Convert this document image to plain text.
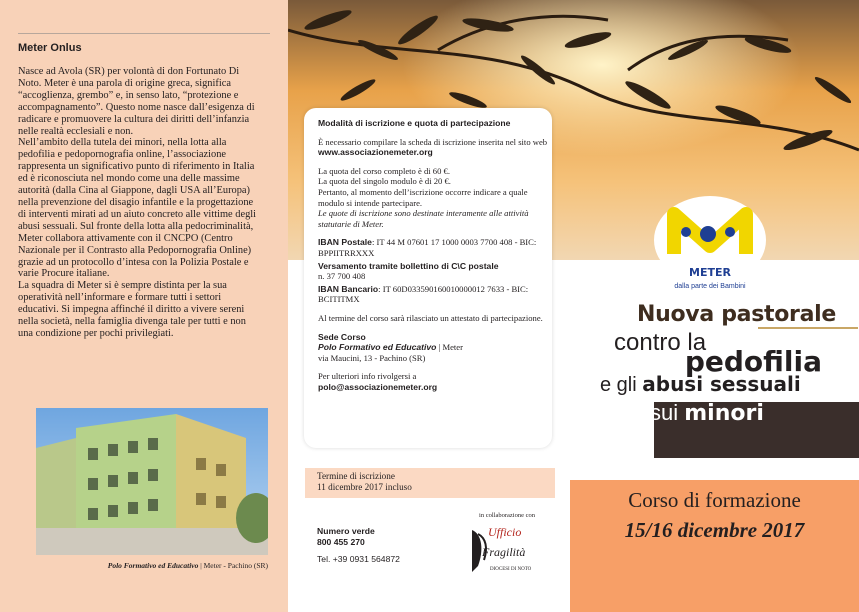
Meter Onlus

Nasce ad Avola (SR) per volontà di don Fortunato Di Noto. Meter è una parola di origine greca, significa “accoglienza, grembo” e, in senso lato, “protezione e accompagnamento”. Questo nome nasce dall’esigenza di radicare e promuovere la cultura dei diritti dell’infanzia nelle realtà ecclesiali e non.

Nell’ambito della tutela dei minori, nella lotta alla pedofilia e pedopornografia online, l’associazione rappresenta un significativo punto di riferimento in Italia ed è riconosciuta nel mondo come una delle massime autorità (dalla Cina al Giappone, dagli USA all’Europa) nella prevenzione del disagio infantile e la progettazione di interventi mirati ad un aiuto concreto alle vittime degli abusi sessuali. Sul fronte della lotta alla pedocriminalità, Meter collabora attivamente con il CNCPO (Centro Nazionale per il Contrasto alla Pedopornografia Online) grazie ad un protocollo d’intesa con la Polizia Postale e varie Procure italiane.

La squadra di Meter si è sempre distinta per la sua operatività nell’informare e formare tutti i settori educativi. Si impegna affinché il diritto a vivere sereni nella società, nella famiglia divenga tale per tutti e non una condizione per pochi privilegiati.

Polo Formativo ed Educativo | Meter - Pachino (SR)

Modalità di iscrizione e quota di partecipazione

È necessario compilare la scheda di iscrizione inserita nel sito web
www.associazionemeter.org

La quota del corso completo è di 60 €.
La quota del singolo modulo è di 20 €.
Pertanto, al momento dell’iscrizione occorre indicare a quale modulo si intende partecipare.
Le quote di iscrizione sono destinate interamente alle attività statutarie di Meter.

IBAN Postale: IT 44 M 07601 17 1000 0003 7700 408 - BIC: BPPIITRRXXX

Versamento tramite bollettino di C\C postale
n. 37 700 408

IBAN Bancario: IT 60D033590160010000012 7633 - BIC: BCITITMX

Al termine del corso sarà rilasciato un attestato di partecipazione.

Sede Corso
Polo Formativo ed Educativo | Meter
via Maucini, 13 - Pachino (SR)

Per ulteriori info rivolgersi a
polo@associazionemeter.org

Termine di iscrizione
11 dicembre 2017 incluso
Numero verde
800 455 270

Tel. +39 0931 564872
in collaborazione con
Ufficio
Fragilità
DIOCESI DI NOTO
METER
dalla parte dei Bambini
Nuova pastorale
contro la
pedofilia
e gli abusi sessuali
sui minori
Corso di formazione
15/16 dicembre 2017
